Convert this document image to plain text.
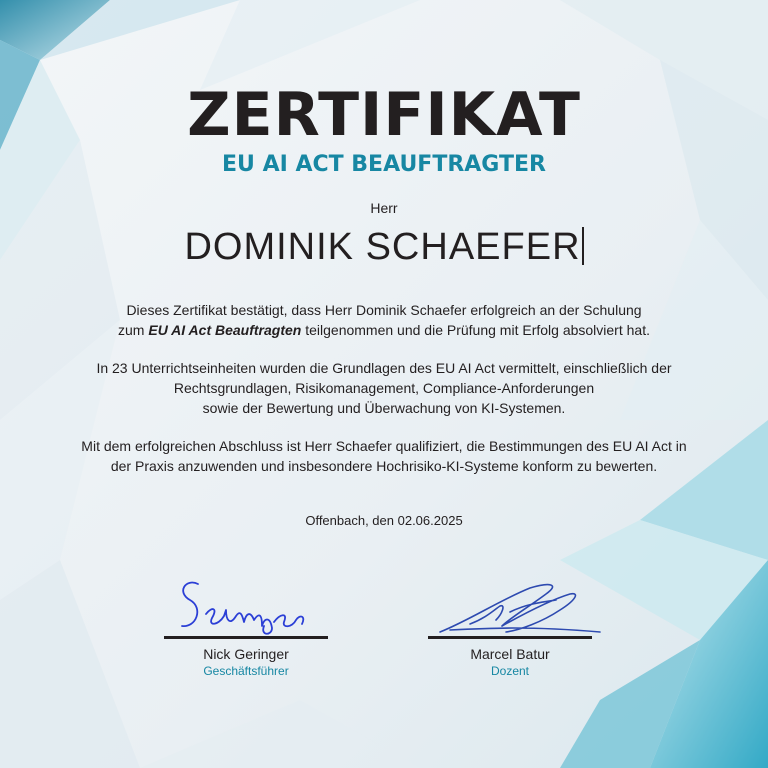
ZERTIFIKAT
EU AI ACT BEAUFTRAGTER
Herr
DOMINIK SCHAEFER
Dieses Zertifikat bestätigt, dass Herr Dominik Schaefer erfolgreich an der Schulung
zum EU AI Act Beauftragten teilgenommen und die Prüfung mit Erfolg absolviert hat.
In 23 Unterrichtseinheiten wurden die Grundlagen des EU AI Act vermittelt, einschließlich der
Rechtsgrundlagen, Risikomanagement, Compliance-Anforderungen
sowie der Bewertung und Überwachung von KI-Systemen.
Mit dem erfolgreichen Abschluss ist Herr Schaefer qualifiziert, die Bestimmungen des EU AI Act in
der Praxis anzuwenden und insbesondere Hochrisiko-KI-Systeme konform zu bewerten.
Offenbach, den 02.06.2025
Nick Geringer
Geschäftsführer
Marcel Batur
Dozent
